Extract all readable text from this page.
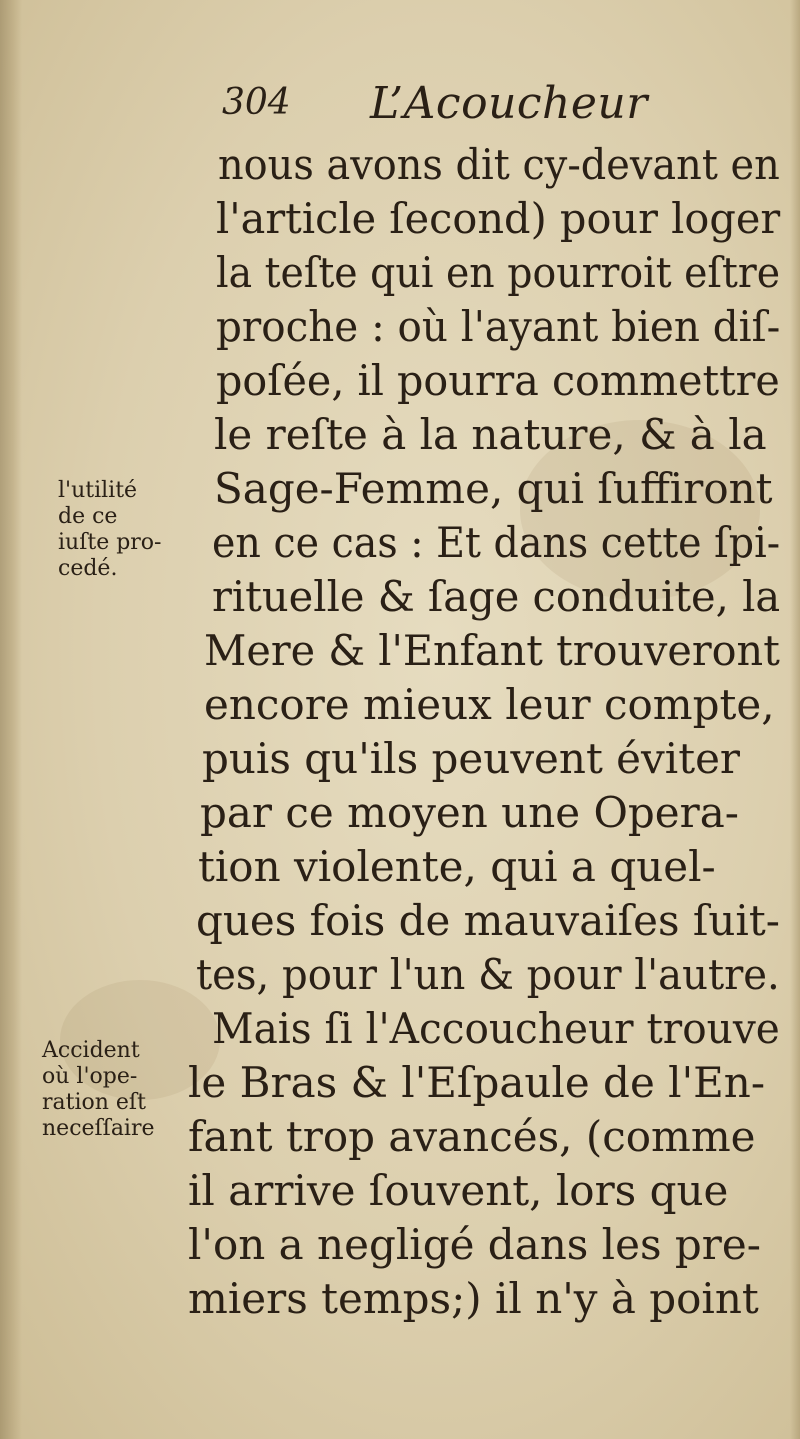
304 L’Acoucheur
l'utilité
de ce
iuſte pro-
cedé.
Accident
où l'ope-
ration eſt
neceſſaire
nous avons dit cy-devant en
l'article ſecond) pour loger
la teſte qui en pourroit eſtre
proche : où l'ayant bien diſ-
poſée, il pourra commettre
le reſte à la nature, & à la
Sage-Femme, qui ſuffiront
en ce cas : Et dans cette ſpi-
rituelle & ſage conduite, la
Mere & l'Enfant trouveront
encore mieux leur compte,
puis qu'ils peuvent éviter
par ce moyen une Opera-
tion violente, qui a quel-
ques fois de mauvaiſes ſuit-
tes, pour l'un & pour l'autre.
Mais ſi l'Accoucheur trouve
le Bras & l'Eſpaule de l'En-
fant trop avancés, (comme
il arrive ſouvent, lors que
l'on a negligé dans les pre-
miers temps;) il n'y à point
